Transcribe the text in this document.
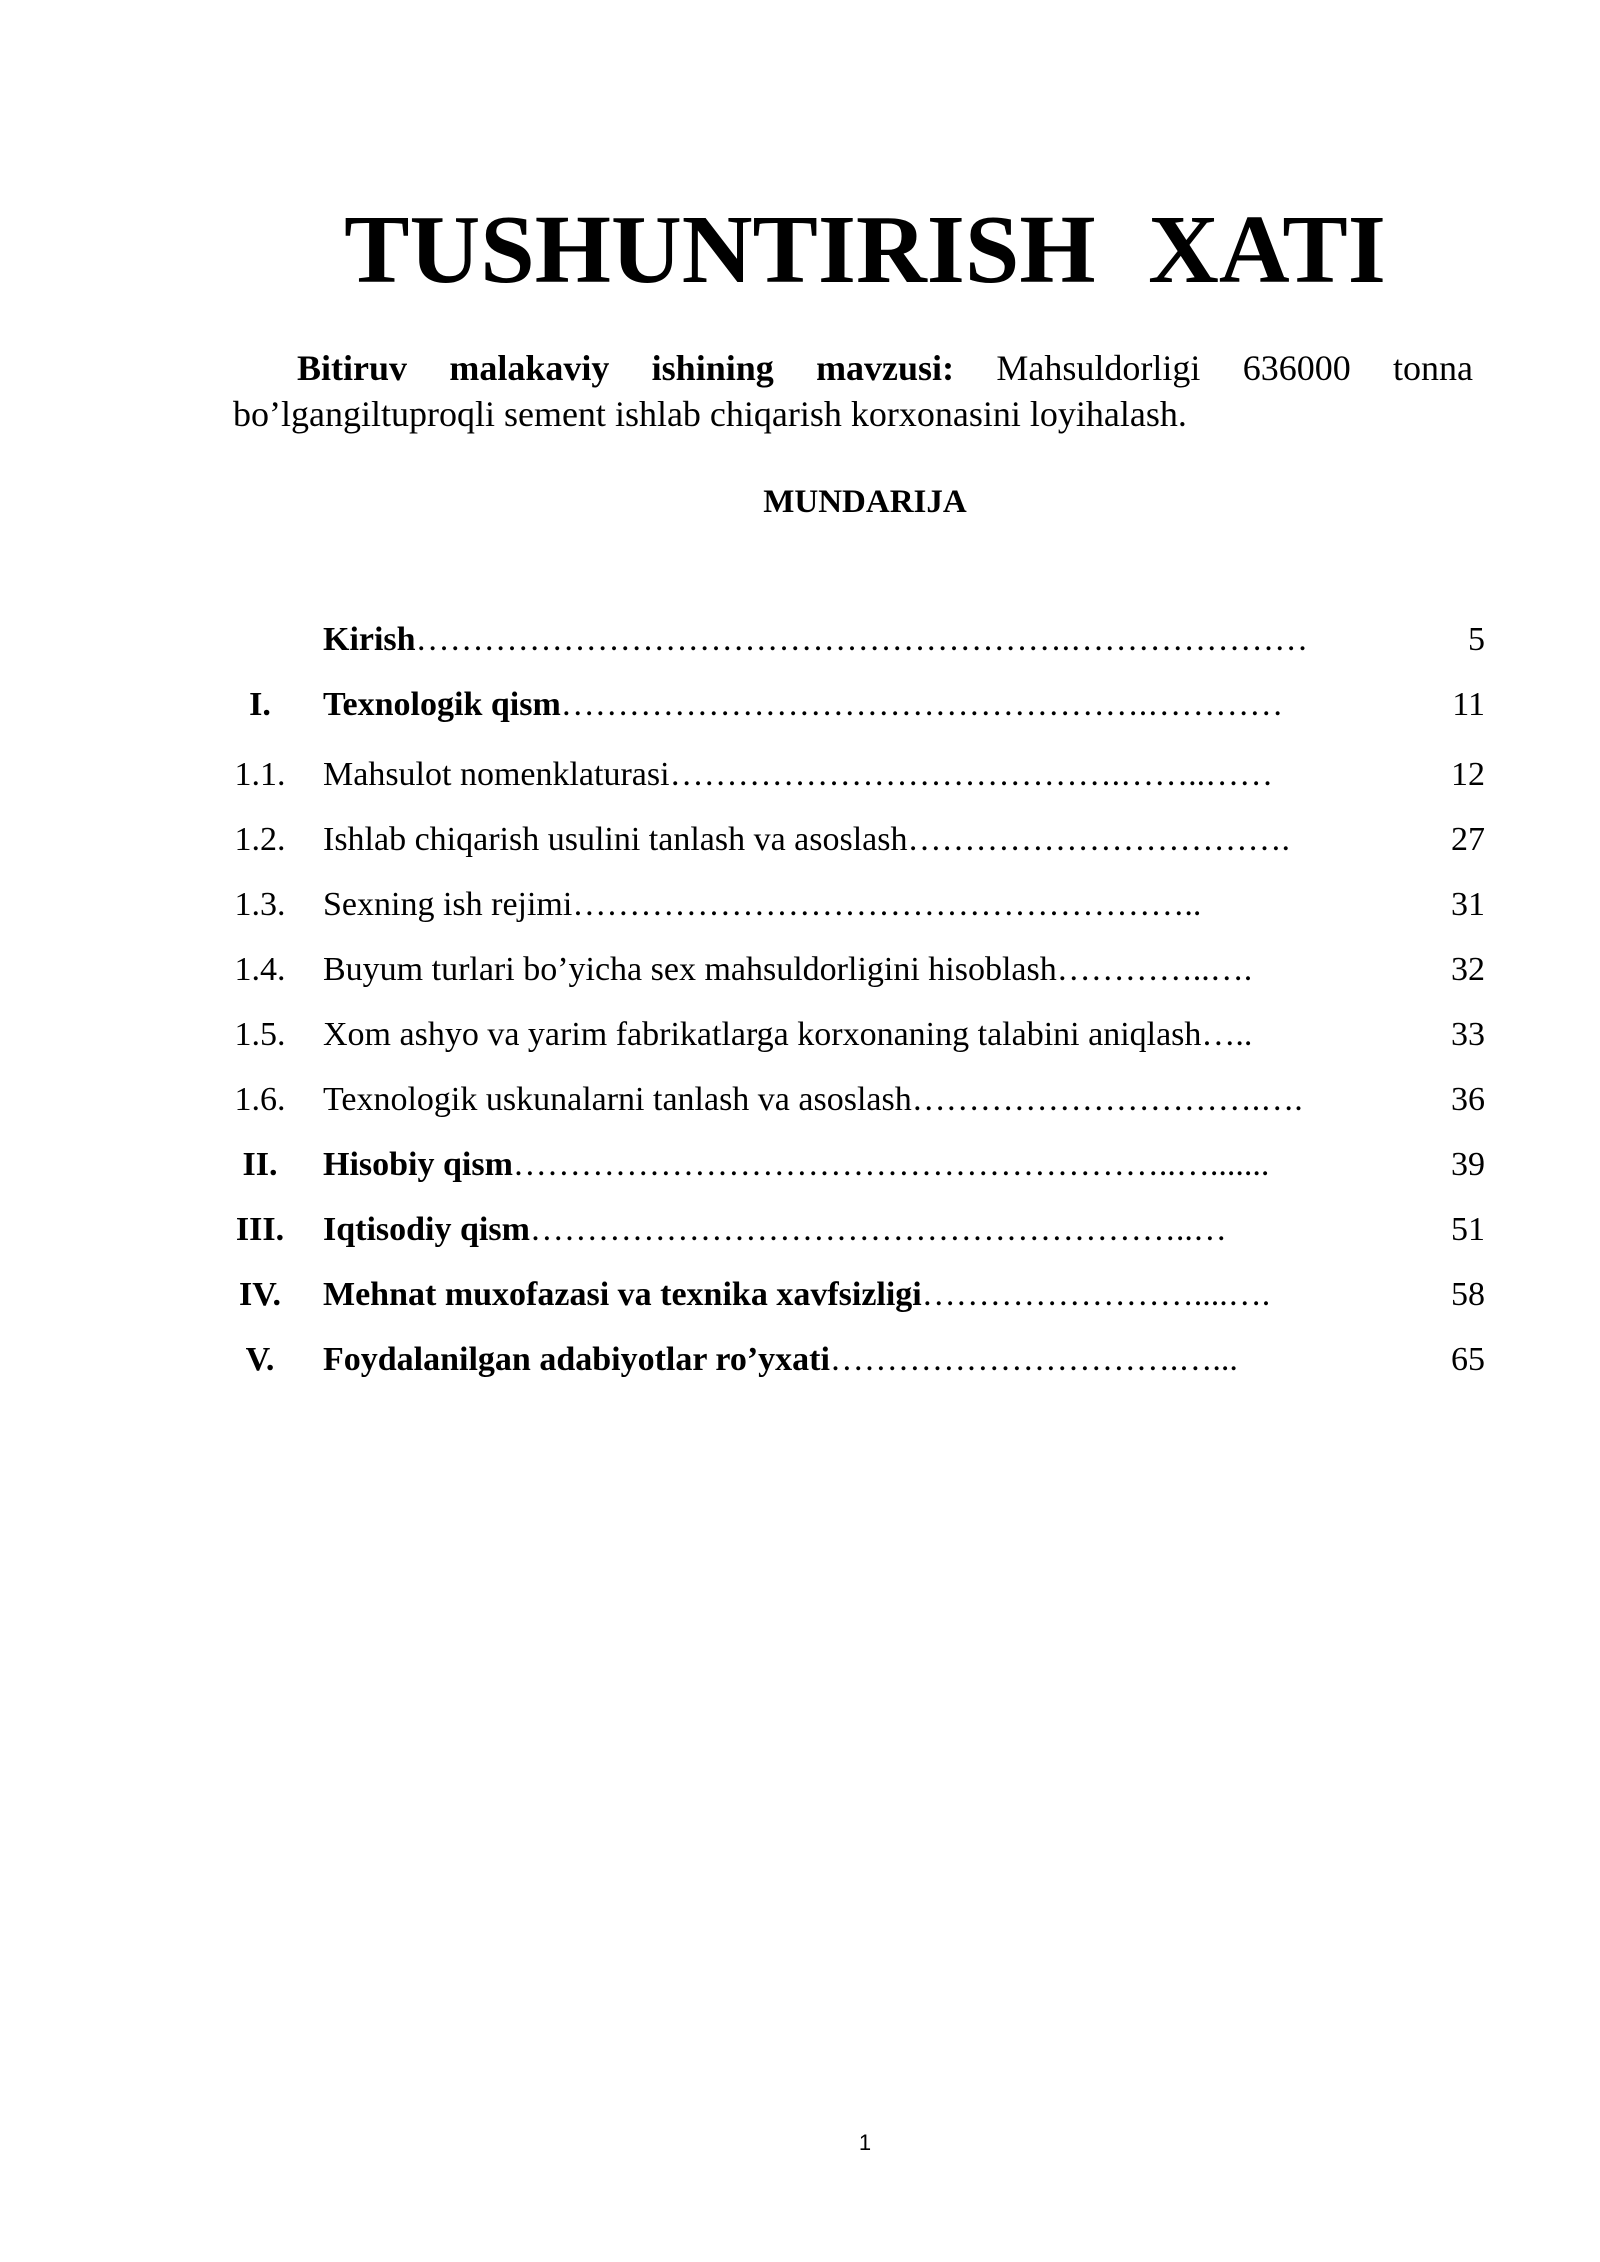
TUSHUNTIRISH XATI
Bitiruv malakaviy ishining mavzusi: Mahsuldorligi 636000 tonna
bo’lgangiltuproqli sement ishlab chiqarish korxonasini loyihalash.
MUNDARIJA
Kirish………………………………………………….…………………	5
I.	Texnologik qism…………………………………………….…………	11
1.1. Mahsulot nomenklaturasi………………………………….……..……	12
1.2. Ishlab chiqarish usulini tanlash va asoslash…………………………….	27
1.3. Sexning ish rejimi………………………………………………..	31
1.4. Buyum turlari bo’yicha sex mahsuldorligini hisoblash…………..….	32
1.5. Xom ashyo va yarim fabrikatlarga korxonaning talabini aniqlash…..	33
1.6. Texnologik uskunalarni tanlash va asoslash………………………….….	36
II.	Hisobiy qism…………………………………………………..….......	39
III.	Iqtisodiy qism…………………………………………………..…	51
IV.	Mehnat muxofazasi va texnika xavfsizligi……………………....….	58
V.	Foydalanilgan adabiyotlar ro’yxati………………………….…...	65
1
